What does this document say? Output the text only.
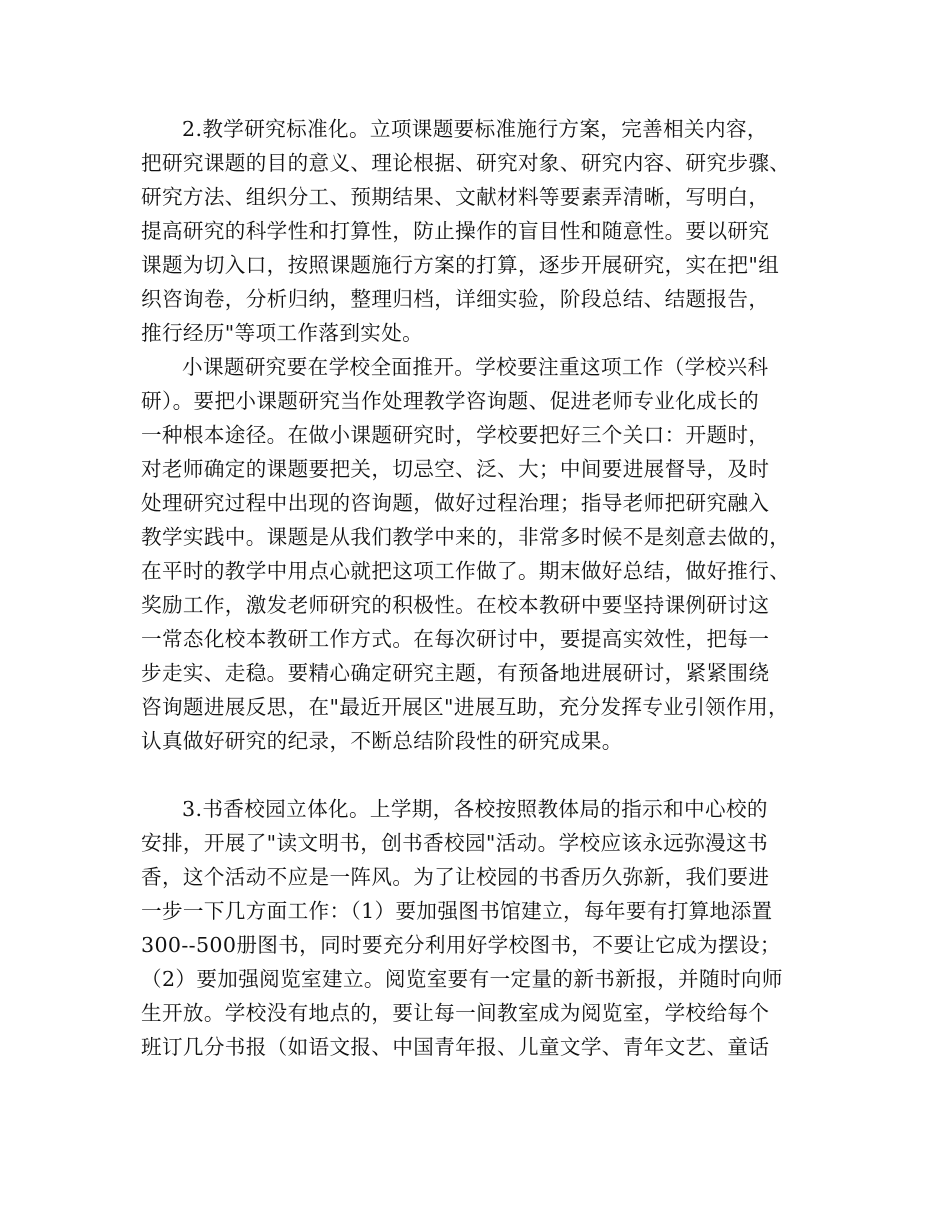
2.教学研究标准化。立项课题要标准施行方案，完善相关内容，
把研究课题的目的意义、理论根据、研究对象、研究内容、研究步骤、
研究方法、组织分工、预期结果、文献材料等要素弄清晰，写明白，
提高研究的科学性和打算性，防止操作的盲目性和随意性。要以研究
课题为切入口，按照课题施行方案的打算，逐步开展研究，实在把"组
织咨询卷，分析归纳，整理归档，详细实验，阶段总结、结题报告，
推行经历"等项工作落到实处。
小课题研究要在学校全面推开。学校要注重这项工作（学校兴科
研）。要把小课题研究当作处理教学咨询题、促进老师专业化成长的
一种根本途径。在做小课题研究时，学校要把好三个关口：开题时，
对老师确定的课题要把关，切忌空、泛、大；中间要进展督导，及时
处理研究过程中出现的咨询题，做好过程治理；指导老师把研究融入
教学实践中。课题是从我们教学中来的，非常多时候不是刻意去做的，
在平时的教学中用点心就把这项工作做了。期末做好总结，做好推行、
奖励工作，激发老师研究的积极性。在校本教研中要坚持课例研讨这
一常态化校本教研工作方式。在每次研讨中，要提高实效性，把每一
步走实、走稳。要精心确定研究主题，有预备地进展研讨，紧紧围绕
咨询题进展反思，在"最近开展区"进展互助，充分发挥专业引领作用，
认真做好研究的纪录，不断总结阶段性的研究成果。
3.书香校园立体化。上学期，各校按照教体局的指示和中心校的
安排，开展了"读文明书，创书香校园"活动。学校应该永远弥漫这书
香，这个活动不应是一阵风。为了让校园的书香历久弥新，我们要进
一步一下几方面工作：（1）要加强图书馆建立，每年要有打算地添置
300--500册图书，同时要充分利用好学校图书，不要让它成为摆设；
（2）要加强阅览室建立。阅览室要有一定量的新书新报，并随时向师
生开放。学校没有地点的，要让每一间教室成为阅览室，学校给每个
班订几分书报（如语文报、中国青年报、儿童文学、青年文艺、童话
